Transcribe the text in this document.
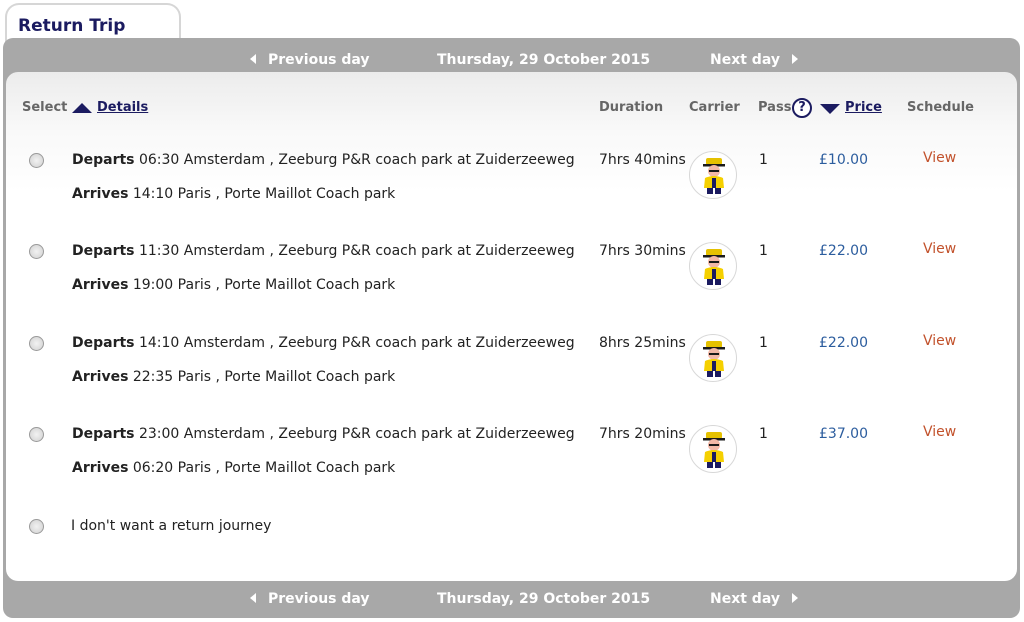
Return Trip
Previous day	Thursday, 29 October 2015	Next day
Select Details	Duration Carrier Pass ?	Price Schedule
Departs 06:30 Amsterdam , Zeeburg P&R coach park at Zuiderzeeweg
Arrives 14:10 Paris , Porte Maillot Coach park
7hrs 40mins	1	£10.00	View
Departs 11:30 Amsterdam , Zeeburg P&R coach park at Zuiderzeeweg
Arrives 19:00 Paris , Porte Maillot Coach park
7hrs 30mins	1	£22.00	View
Departs 14:10 Amsterdam , Zeeburg P&R coach park at Zuiderzeeweg
Arrives 22:35 Paris , Porte Maillot Coach park
8hrs 25mins	1	£22.00	View
Departs 23:00 Amsterdam , Zeeburg P&R coach park at Zuiderzeeweg
Arrives 06:20 Paris , Porte Maillot Coach park
7hrs 20mins	1	£37.00	View
I don't want a return journey
Previous day	Thursday, 29 October 2015	Next day
